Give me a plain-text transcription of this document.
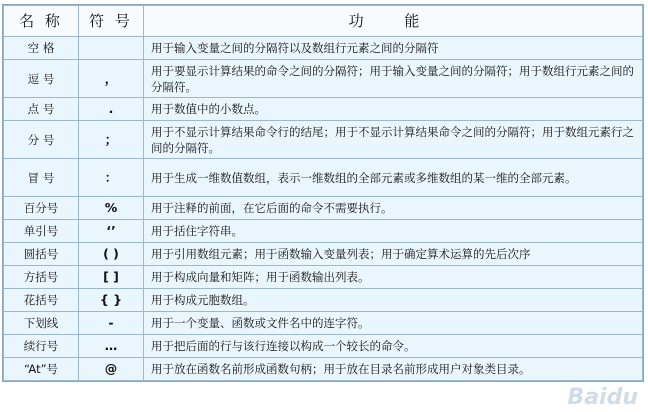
名 称	符 号	功 能
空 格		用于输入变量之间的分隔符以及数组行元素之间的分隔符
逗 号	，	用于要显示计算结果的命令之间的分隔符；用于输入变量之间的分隔符；用于数组行元素之间的分隔符。
点 号	.	用于数值中的小数点。
分 号	；	用于不显示计算结果命令行的结尾；用于不显示计算结果命令之间的分隔符；用于数组元素行之间的分隔符。
冒 号	：	用于生成一维数值数组，表示一维数组的全部元素或多维数组的某一维的全部元素。
百分号	%	用于注释的前面，在它后面的命令不需要执行。
单引号	‘’	用于括住字符串。
圆括号	( )	用于引用数组元素；用于函数输入变量列表；用于确定算术运算的先后次序
方括号	[ ]	用于构成向量和矩阵；用于函数输出列表。
花括号	{ }	用于构成元胞数组。
下划线	-	用于一个变量、函数或文件名中的连字符。
续行号	…	用于把后面的行与该行连接以构成一个较长的命令。
“At”号	@	用于放在函数名前形成函数句柄；用于放在目录名前形成用户对象类目录。
Baidu
